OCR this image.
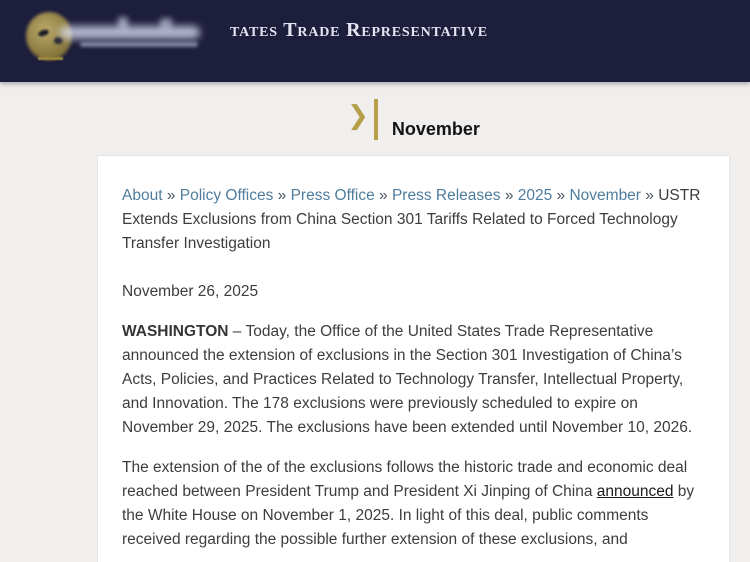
tates Trade Representative
❯ November

About » Policy Offices » Press Office » Press Releases » 2025 » November » USTR Extends Exclusions from China Section 301 Tariffs Related to Forced Technology Transfer Investigation

November 26, 2025

WASHINGTON – Today, the Office of the United States Trade Representative announced the extension of exclusions in the Section 301 Investigation of China’s Acts, Policies, and Practices Related to Technology Transfer, Intellectual Property, and Innovation. The 178 exclusions were previously scheduled to expire on November 29, 2025. The exclusions have been extended until November 10, 2026.

The extension of the of the exclusions follows the historic trade and economic deal reached between President Trump and President Xi Jinping of China announced by the White House on November 1, 2025. In light of this deal, public comments received regarding the possible further extension of these exclusions, and
